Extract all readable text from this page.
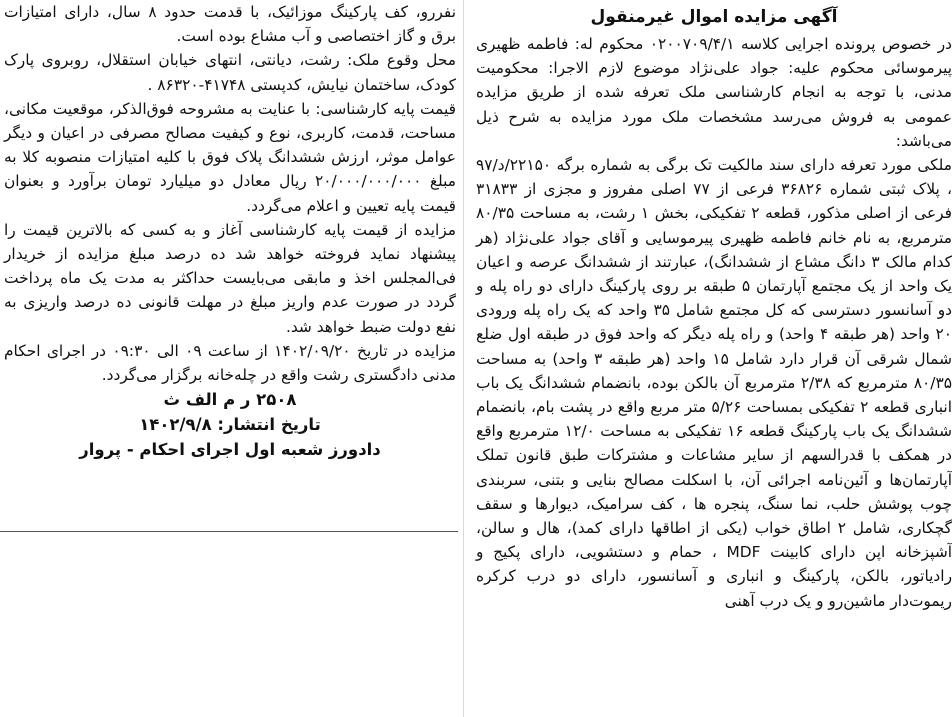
آگهی مزایده اموال غیرمنقول

در خصوص پرونده اجرایی کلاسه ۰۲۰۰۷۰۹/۴/۱ محکوم له: فاطمه ظهیری پیرموسائی محکوم علیه: جواد علی‌نژاد موضوع لازم الاجرا: محکومیت مدنی، با توجه به انجام کارشناسی ملک تعرفه شده از طریق مزایده عمومی به فروش می‌رسد مشخصات ملک مورد مزایده به شرح ذیل می‌باشد:

ملکی مورد تعرفه دارای سند مالکیت تک برگی به شماره برگه ۲۲۱۵۰/د/۹۷ ، پلاک ثبتی شماره ۳۶۸۲۶ فرعی از ۷۷ اصلی مفروز و مجزی از ۳۱۸۳۳ فرعی از اصلی مذکور، قطعه ۲ تفکیکی، بخش ۱ رشت، به مساحت ۸۰/۳۵ مترمربع، به نام خانم فاطمه ظهیری پیرموسایی و آقای جواد علی‌نژاد (هر کدام مالک ۳ دانگ مشاع از ششدانگ)، عبارتند از ششدانگ عرصه و اعیان یک واحد از یک مجتمع آپارتمان ۵ طبقه بر روی پارکینگ دارای دو راه پله و دو آسانسور دسترسی که کل مجتمع شامل ۳۵ واحد که یک راه پله ورودی ۲۰ واحد (هر طبقه ۴ واحد) و راه پله دیگر که واحد فوق در طبقه اول ضلع شمال شرقی آن قرار دارد شامل ۱۵ واحد (هر طبقه ۳ واحد) به مساحت ۸۰/۳۵ مترمربع که ۲/۳۸ مترمربع آن بالکن بوده، بانضمام ششدانگ یک باب انباری قطعه ۲ تفکیکی بمساحت ۵/۲۶ متر مربع واقع در پشت بام، بانضمام ششدانگ یک باب پارکینگ قطعه ۱۶ تفکیکی به مساحت ۱۲/۰ مترمربع واقع در همکف با قدرالسهم از سایر مشاعات و مشترکات طبق قانون تملک آپارتمان‌ها و آئین‌نامه اجرائی آن، با اسکلت مصالح بنایی و بتنی، سربندی چوب پوشش حلب، نما سنگ، پنجره ها ، کف سرامیک، دیوارها و سقف گچکاری، شامل ۲ اطاق خواب (یکی از اطاقها دارای کمد)، هال و سالن، آشپزخانه اپن دارای کابینت MDF ، حمام و دستشویی، دارای پکیج و رادیاتور، بالکن، پارکینگ و انباری و آسانسور، دارای دو درب کرکره ریموت‌دار ماشین‌رو و یک درب آهنی

نفررو، کف پارکینگ موزائیک، با قدمت حدود ۸ سال، دارای امتیازات برق و گاز اختصاصی و آب مشاع بوده است.

محل وقوع ملک: رشت، دیانتی، انتهای خیابان استقلال، روبروی پارک کودک، ساختمان نیایش، کدپستی ۴۱۷۴۸-۸۶۳۲۰ .

قیمت پایه کارشناسی: با عنایت به مشروحه فوق‌الذکر، موقعیت مکانی، مساحت، قدمت، کاربری، نوع و کیفیت مصالح مصرفی در اعیان و دیگر عوامل موثر، ارزش ششدانگ پلاک فوق با کلیه امتیازات منصوبه کلا به مبلغ ۲۰/۰۰۰/۰۰۰/۰۰۰ ریال معادل دو میلیارد تومان برآورد و بعنوان قیمت پایه تعیین و اعلام می‌گردد.

مزایده از قیمت پایه کارشناسی آغاز و به کسی که بالاترین قیمت را پیشنهاد نماید فروخته خواهد شد ده درصد مبلغ مزایده از خریدار فی‌المجلس اخذ و مابقی می‌بایست حداکثر به مدت یک ماه پرداخت گردد در صورت عدم واریز مبلغ در مهلت قانونی ده درصد واریزی به نفع دولت ضبط خواهد شد.

مزایده در تاریخ ۱۴۰۲/۰۹/۲۰ از ساعت ۰۹ الی ۰۹:۳۰ در اجرای احکام مدنی دادگستری رشت واقع در چله‌خانه برگزار می‌گردد.

۲۵۰۸ ر م الف ث
تاریخ انتشار: ۱۴۰۲/۹/۸
دادورز شعبه اول اجرای احکام - پروار
